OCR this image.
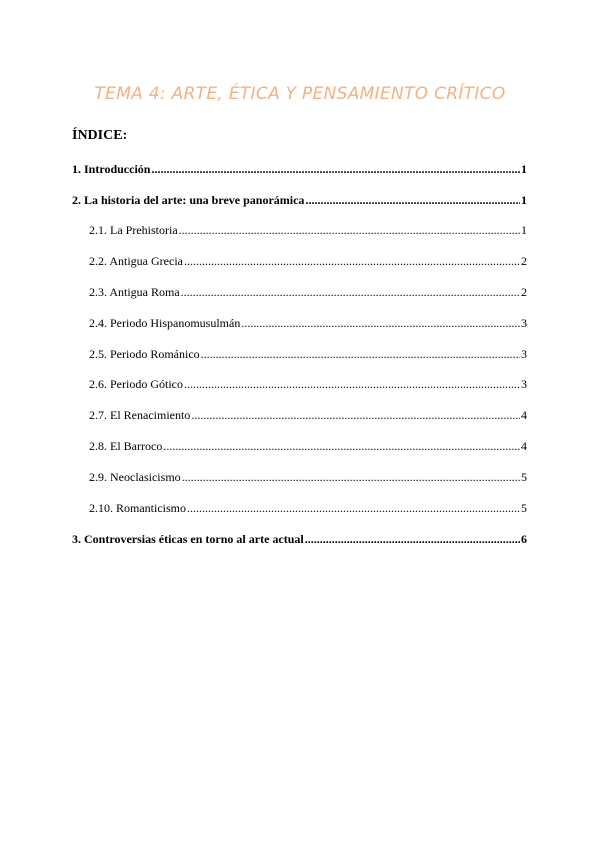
TEMA 4: ARTE, ÉTICA Y PENSAMIENTO CRÍTICO
ÍNDICE:
1. Introducción .....	1
2. La historia del arte: una breve panorámica .....	1
2.1. La Prehistoria .....	1
2.2. Antigua Grecia .....	2
2.3. Antigua Roma .....	2
2.4. Periodo Hispanomusulmán .....	3
2.5. Periodo Románico .....	3
2.6. Periodo Gótico .....	3
2.7. El Renacimiento .....	4
2.8. El Barroco .....	4
2.9. Neoclasicismo .....	5
2.10. Romanticismo .....	5
3. Controversias éticas en torno al arte actual .....	6
